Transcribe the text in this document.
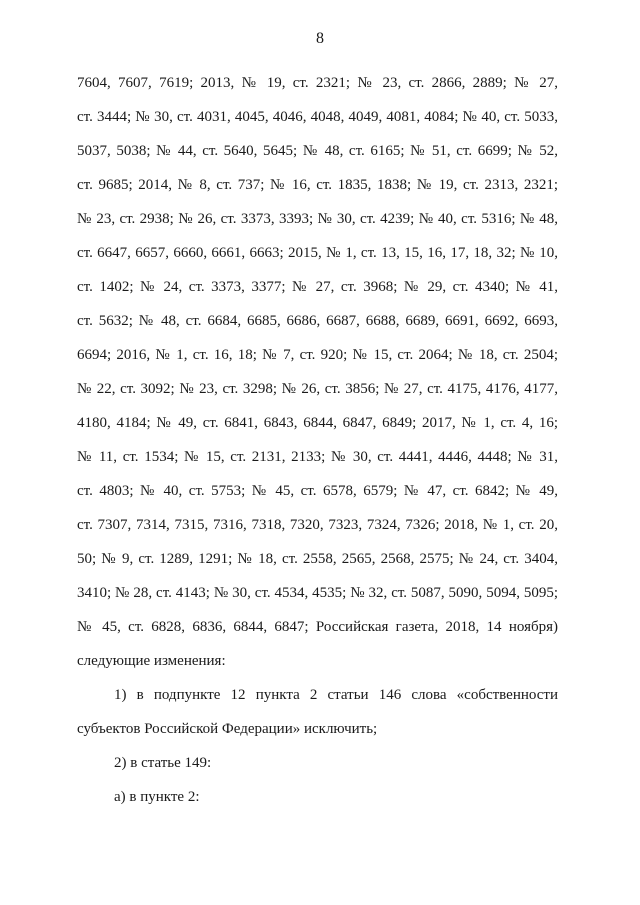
8
7604, 7607, 7619; 2013, № 19, ст. 2321; № 23, ст. 2866, 2889; № 27,
ст. 3444; № 30, ст. 4031, 4045, 4046, 4048, 4049, 4081, 4084; № 40, ст. 5033,
5037, 5038; № 44, ст. 5640, 5645; № 48, ст. 6165; № 51, ст. 6699; № 52,
ст. 9685; 2014, № 8, ст. 737; № 16, ст. 1835, 1838; № 19, ст. 2313, 2321;
№ 23, ст. 2938; № 26, ст. 3373, 3393; № 30, ст. 4239; № 40, ст. 5316; № 48,
ст. 6647, 6657, 6660, 6661, 6663; 2015, № 1, ст. 13, 15, 16, 17, 18, 32; № 10,
ст. 1402; № 24, ст. 3373, 3377; № 27, ст. 3968; № 29, ст. 4340; № 41,
ст. 5632; № 48, ст. 6684, 6685, 6686, 6687, 6688, 6689, 6691, 6692, 6693,
6694; 2016, № 1, ст. 16, 18; № 7, ст. 920; № 15, ст. 2064; № 18, ст. 2504;
№ 22, ст. 3092; № 23, ст. 3298; № 26, ст. 3856; № 27, ст. 4175, 4176, 4177,
4180, 4184; № 49, ст. 6841, 6843, 6844, 6847, 6849; 2017, № 1, ст. 4, 16;
№ 11, ст. 1534; № 15, ст. 2131, 2133; № 30, ст. 4441, 4446, 4448; № 31,
ст. 4803; № 40, ст. 5753; № 45, ст. 6578, 6579; № 47, ст. 6842; № 49,
ст. 7307, 7314, 7315, 7316, 7318, 7320, 7323, 7324, 7326; 2018, № 1, ст. 20,
50; № 9, ст. 1289, 1291; № 18, ст. 2558, 2565, 2568, 2575; № 24, ст. 3404,
3410; № 28, ст. 4143; № 30, ст. 4534, 4535; № 32, ст. 5087, 5090, 5094, 5095;
№ 45, ст. 6828, 6836, 6844, 6847; Российская газета, 2018, 14 ноября)
следующие изменения:
1) в подпункте 12 пункта 2 статьи 146 слова «собственности
субъектов Российской Федерации» исключить;
2) в статье 149:
а) в пункте 2:
